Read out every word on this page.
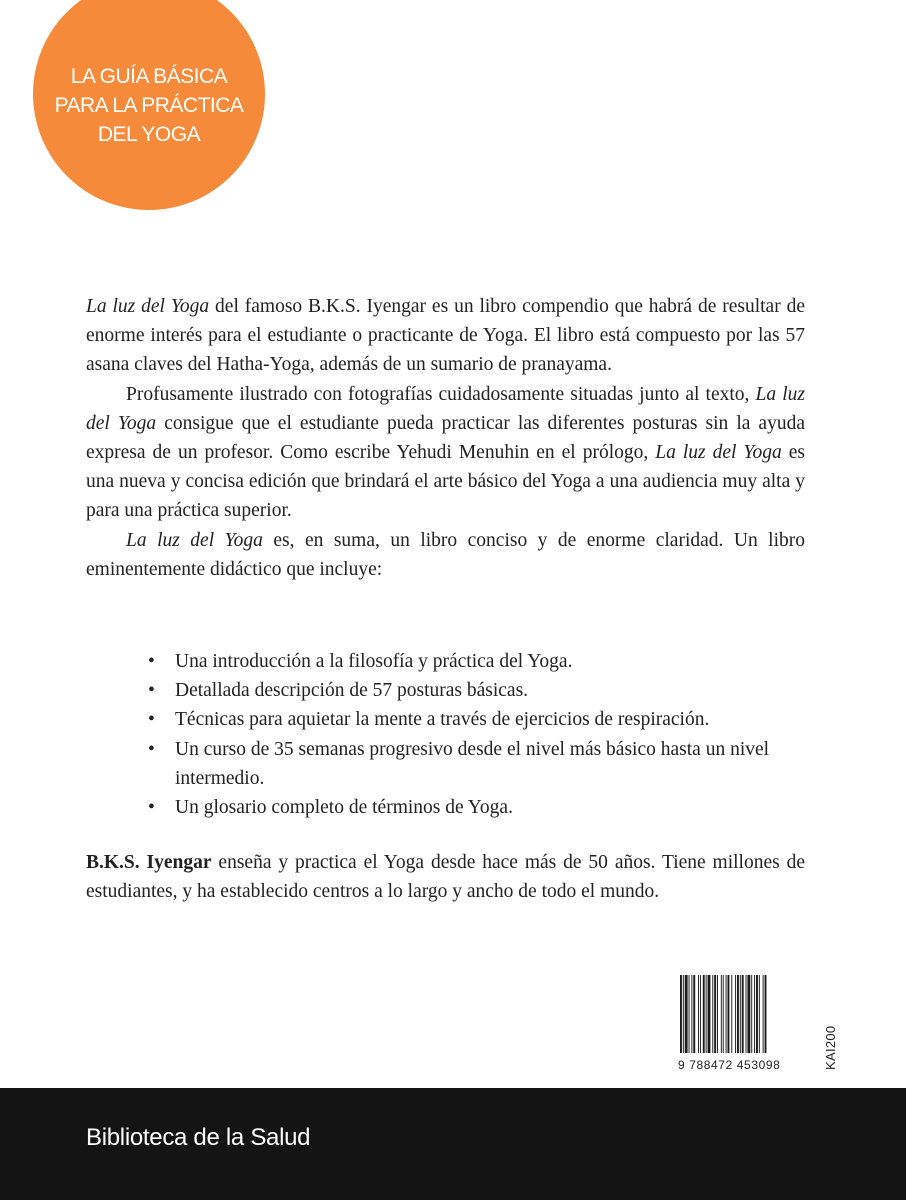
LA GUÍA BÁSICA
PARA LA PRÁCTICA
DEL YOGA

La luz del Yoga del famoso B.K.S. Iyengar es un libro compendio que habrá de resultar de enorme interés para el estudiante o practicante de Yoga. El libro está compuesto por las 57 asana claves del Hatha-Yoga, además de un sumario de pranayama.

Profusamente ilustrado con fotografías cuidadosamente situadas junto al texto, La luz del Yoga consigue que el estudiante pueda practicar las diferentes posturas sin la ayuda expresa de un profesor. Como escribe Yehudi Menuhin en el prólogo, La luz del Yoga es una nueva y concisa edición que brindará el arte básico del Yoga a una audiencia muy alta y para una práctica superior.

La luz del Yoga es, en suma, un libro conciso y de enorme claridad. Un libro eminentemente didáctico que incluye:

• Una introducción a la filosofía y práctica del Yoga.
• Detallada descripción de 57 posturas básicas.
• Técnicas para aquietar la mente a través de ejercicios de respiración.
• Un curso de 35 semanas progresivo desde el nivel más básico hasta un nivel intermedio.
• Un glosario completo de términos de Yoga.

B.K.S. Iyengar enseña y practica el Yoga desde hace más de 50 años. Tiene millones de estudiantes, y ha establecido centros a lo largo y ancho de todo el mundo.

9 788472 453098	KAI200
Biblioteca de la Salud
